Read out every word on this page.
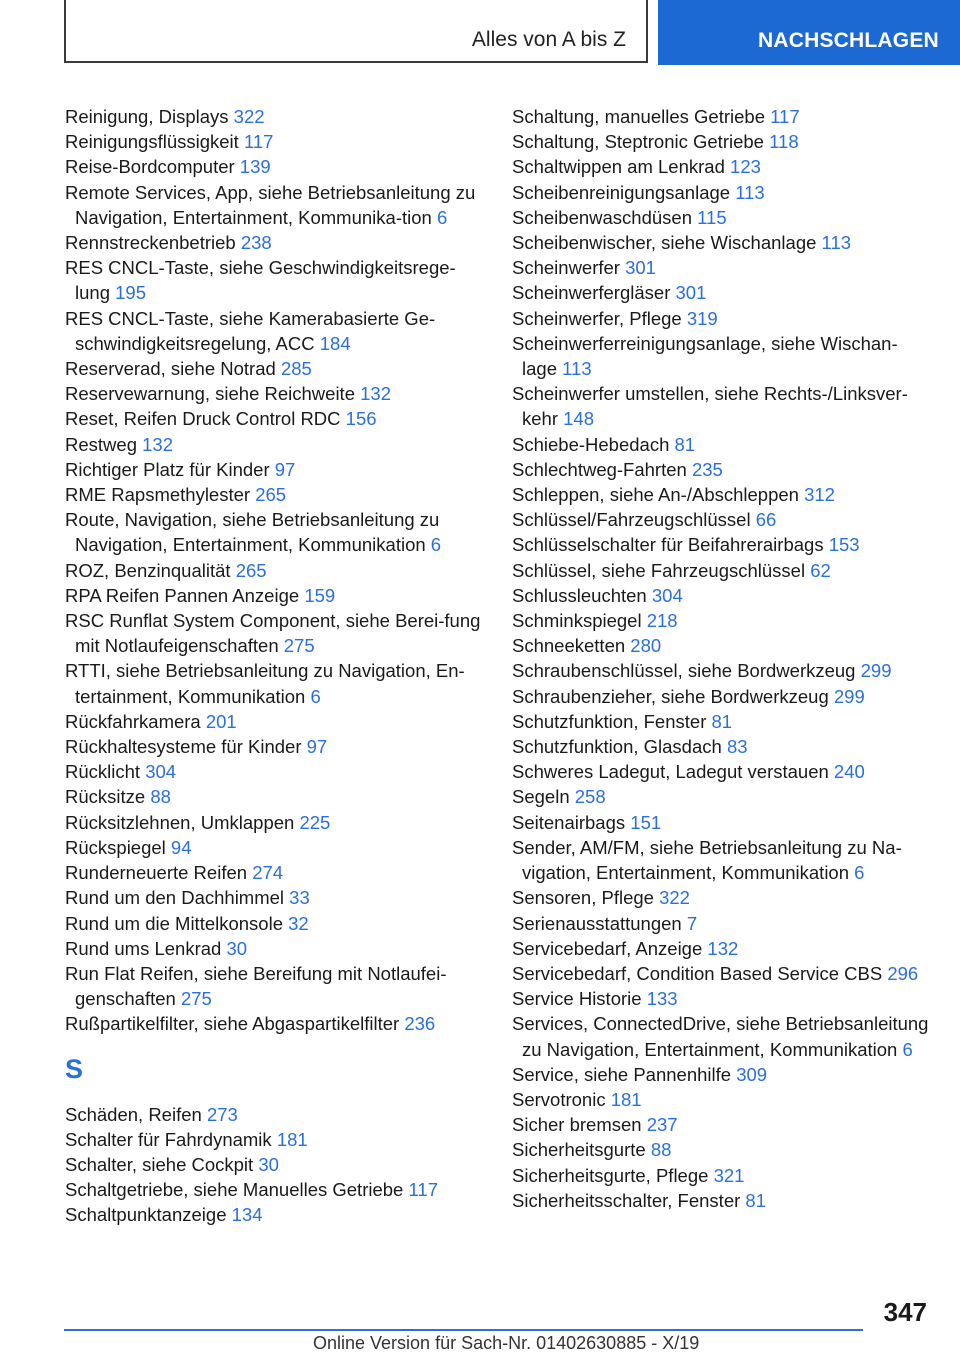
Alles von A bis Z	NACHSCHLAGEN
Reinigung, Displays 322
Reinigungsflüssigkeit 117
Reise-Bordcomputer 139
Remote Services, App, siehe Betriebsanleitung zu Navigation, Entertainment, Kommunika-tion 6
Rennstreckenbetrieb 238
RES CNCL-Taste, siehe Geschwindigkeitsrege-lung 195
RES CNCL-Taste, siehe Kamerabasierte Ge-schwindigkeitsregelung, ACC 184
Reserverad, siehe Notrad 285
Reservewarnung, siehe Reichweite 132
Reset, Reifen Druck Control RDC 156
Restweg 132
Richtiger Platz für Kinder 97
RME Rapsmethylester 265
Route, Navigation, siehe Betriebsanleitung zu Navigation, Entertainment, Kommunikation 6
ROZ, Benzinqualität 265
RPA Reifen Pannen Anzeige 159
RSC Runflat System Component, siehe Berei-fung mit Notlaufeigenschaften 275
RTTI, siehe Betriebsanleitung zu Navigation, En-tertainment, Kommunikation 6
Rückfahrkamera 201
Rückhaltesysteme für Kinder 97
Rücklicht 304
Rücksitze 88
Rücksitzlehnen, Umklappen 225
Rückspiegel 94
Runderneuerte Reifen 274
Rund um den Dachhimmel 33
Rund um die Mittelkonsole 32
Rund ums Lenkrad 30
Run Flat Reifen, siehe Bereifung mit Notlaufei-genschaften 275
Rußpartikelfilter, siehe Abgaspartikelfilter 236
S
Schäden, Reifen 273
Schalter für Fahrdynamik 181
Schalter, siehe Cockpit 30
Schaltgetriebe, siehe Manuelles Getriebe 117
Schaltpunktanzeige 134
Schaltung, manuelles Getriebe 117
Schaltung, Steptronic Getriebe 118
Schaltwippen am Lenkrad 123
Scheibenreinigungsanlage 113
Scheibenwaschdüsen 115
Scheibenwischer, siehe Wischanlage 113
Scheinwerfer 301
Scheinwerfergläser 301
Scheinwerfer, Pflege 319
Scheinwerferreinigungsanlage, siehe Wischan-lage 113
Scheinwerfer umstellen, siehe Rechts-/Linksver-kehr 148
Schiebe-Hebedach 81
Schlechtweg-Fahrten 235
Schleppen, siehe An-/Abschleppen 312
Schlüssel/Fahrzeugschlüssel 66
Schlüsselschalter für Beifahrerairbags 153
Schlüssel, siehe Fahrzeugschlüssel 62
Schlussleuchten 304
Schminkspiegel 218
Schneeketten 280
Schraubenschlüssel, siehe Bordwerkzeug 299
Schraubenzieher, siehe Bordwerkzeug 299
Schutzfunktion, Fenster 81
Schutzfunktion, Glasdach 83
Schweres Ladegut, Ladegut verstauen 240
Segeln 258
Seitenairbags 151
Sender, AM/FM, siehe Betriebsanleitung zu Na-vigation, Entertainment, Kommunikation 6
Sensoren, Pflege 322
Serienausstattungen 7
Servicebedarf, Anzeige 132
Servicebedarf, Condition Based Service CBS 296
Service Historie 133
Services, ConnectedDrive, siehe Betriebsanleitung zu Navigation, Entertainment, Kommunikation 6
Service, siehe Pannenhilfe 309
Servotronic 181
Sicher bremsen 237
Sicherheitsgurte 88
Sicherheitsgurte, Pflege 321
Sicherheitsschalter, Fenster 81
347
Online Version für Sach-Nr. 01402630885 - X/19
